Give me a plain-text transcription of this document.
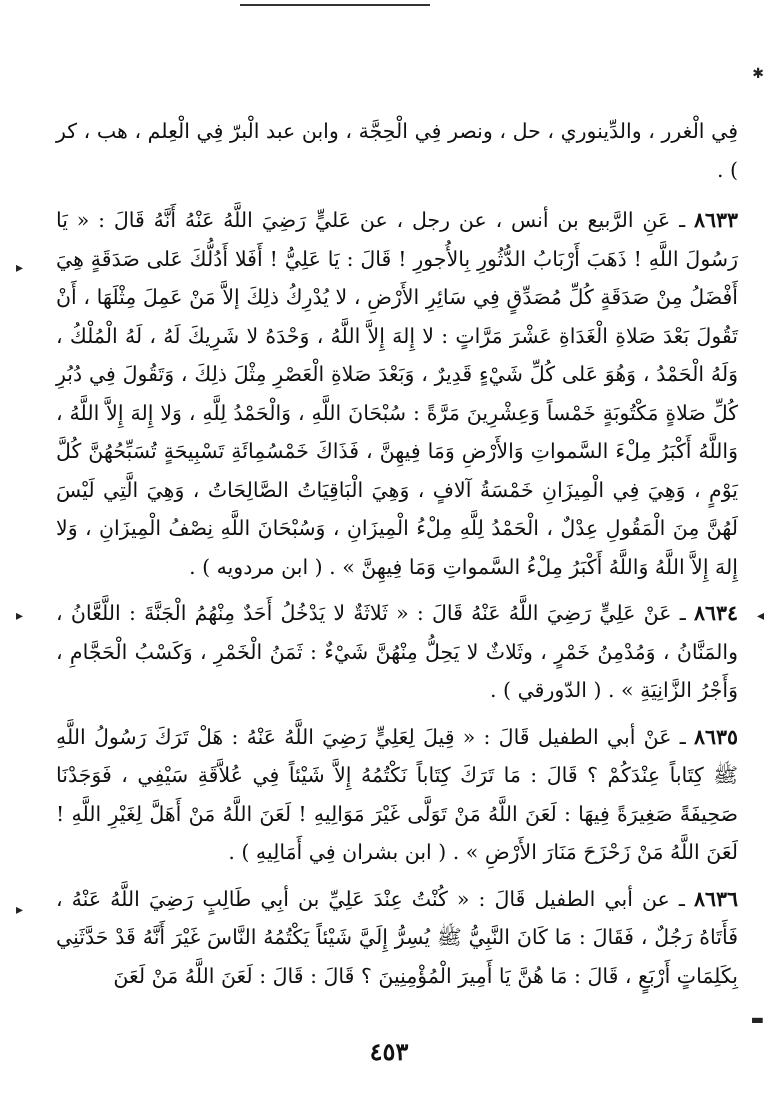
✱
◂
▸
▸
▸
▬

فِي الْغرر ، والدِّينوري ، حل ، ونصر فِي الْحِجَّة ، وابن عبد الْبرّ فِي الْعِلم ، هب ، كر ) .

٨٦٣٣ ـ عَنِ الرَّبيع بن أنس ، عن رجل ، عن عَليٍّ رَضِيَ اللَّهُ عَنْهُ أَنَّهُ قَالَ : « يَا رَسُولَ اللَّهِ ! ذَهَبَ أَرْبَابُ الدُّثُورِ بِالأُجورِ ! قَالَ : يَا عَلِيُّ ! أَفَلا أَدُلُّكَ عَلى صَدَقَةٍ هِيَ أَفْضَلُ مِنْ صَدَقَةٍ كُلِّ مُصَدِّقٍ فِي سَائِرِ الأَرْضِ ، لا يُدْرِكُ ذلِكَ إلاَّ مَنْ عَمِلَ مِثْلَهَا ، أَنْ تَقُولَ بَعْدَ صَلاةِ الْغَدَاةِ عَشْرَ مَرَّاتٍ : لا إِلهَ إِلاَّ اللَّهُ ، وَحْدَهُ لا شَرِيكَ لَهُ ، لَهُ الْمُلْكُ ، وَلَهُ الْحَمْدُ ، وَهُوَ عَلى كُلِّ شَيْءٍ قَدِيرٌ ، وَبَعْدَ صَلاةِ الْعَصْرِ مِثْلَ ذلِكَ ، وَتَقُولَ فِي دُبُرِ كُلِّ صَلاةٍ مَكْتُوبَةٍ خَمْساً وَعِشْرِينَ مَرَّةً : سُبْحَانَ اللَّهِ ، وَالْحَمْدُ لِلَّهِ ، وَلا إِلهَ إِلاَّ اللَّهُ ، وَاللَّهُ أَكْبَرُ مِلْءَ السَّمواتِ وَالأَرْضِ وَمَا فِيهِنَّ ، فَذَاكَ خَمْسُمِائَةِ تَسْبِيحَةٍ تُسَبِّحُهُنَّ كُلَّ يَوْمٍ ، وَهِيَ فِي الْمِيزَانِ خَمْسَةُ آلافٍ ، وَهِيَ الْبَاقِيَاتُ الصَّالِحَاتُ ، وَهِيَ الَّتِي لَيْسَ لَهُنَّ مِنَ الْمَقُولِ عِدْلٌ ، الْحَمْدُ لِلَّهِ مِلْءُ الْمِيزَانِ ، وَسُبْحَانَ اللَّهِ نِصْفُ الْمِيزَانِ ، وَلا إِلهَ إِلاَّ اللَّهُ وَاللَّهُ أَكْبَرُ مِلْءُ السَّمواتِ وَمَا فِيهِنَّ » . ( ابن مردويه ) .

٨٦٣٤ ـ عَنْ عَلِيٍّ رَضِيَ اللَّهُ عَنْهُ قَالَ : « ثَلاثَةٌ لا يَدْخُلُ أَحَدٌ مِنْهُمُ الْجَنَّةَ : اللَّعَّانُ ، والمَنَّانُ ، وَمُدْمِنُ خَمْرٍ ، وثَلاثٌ لا يَحِلُّ مِنْهُنَّ شَيْءٌ : ثَمَنُ الْخَمْرِ ، وَكَسْبُ الْحَجَّامِ ، وَأَجْرُ الزَّانِيَةِ » . ( الدّورقي ) .

٨٦٣٥ ـ عَنْ أبي الطفيل قَالَ : « قِيلَ لِعَلِيٍّ رَضِيَ اللَّهُ عَنْهُ : هَلْ تَرَكَ رَسُولُ اللَّهِ ﷺ كِتَاباً عِنْدَكُمْ ؟ قَالَ : مَا تَرَكَ كِتَاباً نَكْتُمُهُ إِلاَّ شَيْئاً فِي عُلاَّقَةِ سَيْفِي ، فَوَجَدْنَا صَحِيفَةً صَغِيرَةً فِيهَا : لَعَنَ اللَّهُ مَنْ تَوَلَّى غَيْرَ مَوَالِيهِ ! لَعَنَ اللَّهُ مَنْ أَهَلَّ لِغَيْرِ اللَّهِ ! لَعَنَ اللَّهُ مَنْ زَحْزَحَ مَنَارَ الأَرْضِ » . ( ابن بشران فِي أَمَالِيهِ ) .

٨٦٣٦ ـ عن أبي الطفيل قَالَ : « كُنْتُ عِنْدَ عَلِيِّ بن أبِي طَالِبٍ رَضِيَ اللَّهُ عَنْهُ ، فَأَتَاهُ رَجُلٌ ، فَقَالَ : مَا كَانَ النَّبِيُّ ﷺ يُسِرُّ إِلَيَّ شَيْئاً يَكْتُمُهُ النَّاسَ غَيْرَ أَنَّهُ قَدْ حَدَّثَنِي بِكَلِمَاتٍ أَرْبَعٍ ، قَالَ : مَا هُنَّ يَا أَمِيرَ الْمُؤْمِنِينَ ؟ قَالَ : قَالَ : لَعَنَ اللَّهُ مَنْ لَعَنَ

٤٥٣
